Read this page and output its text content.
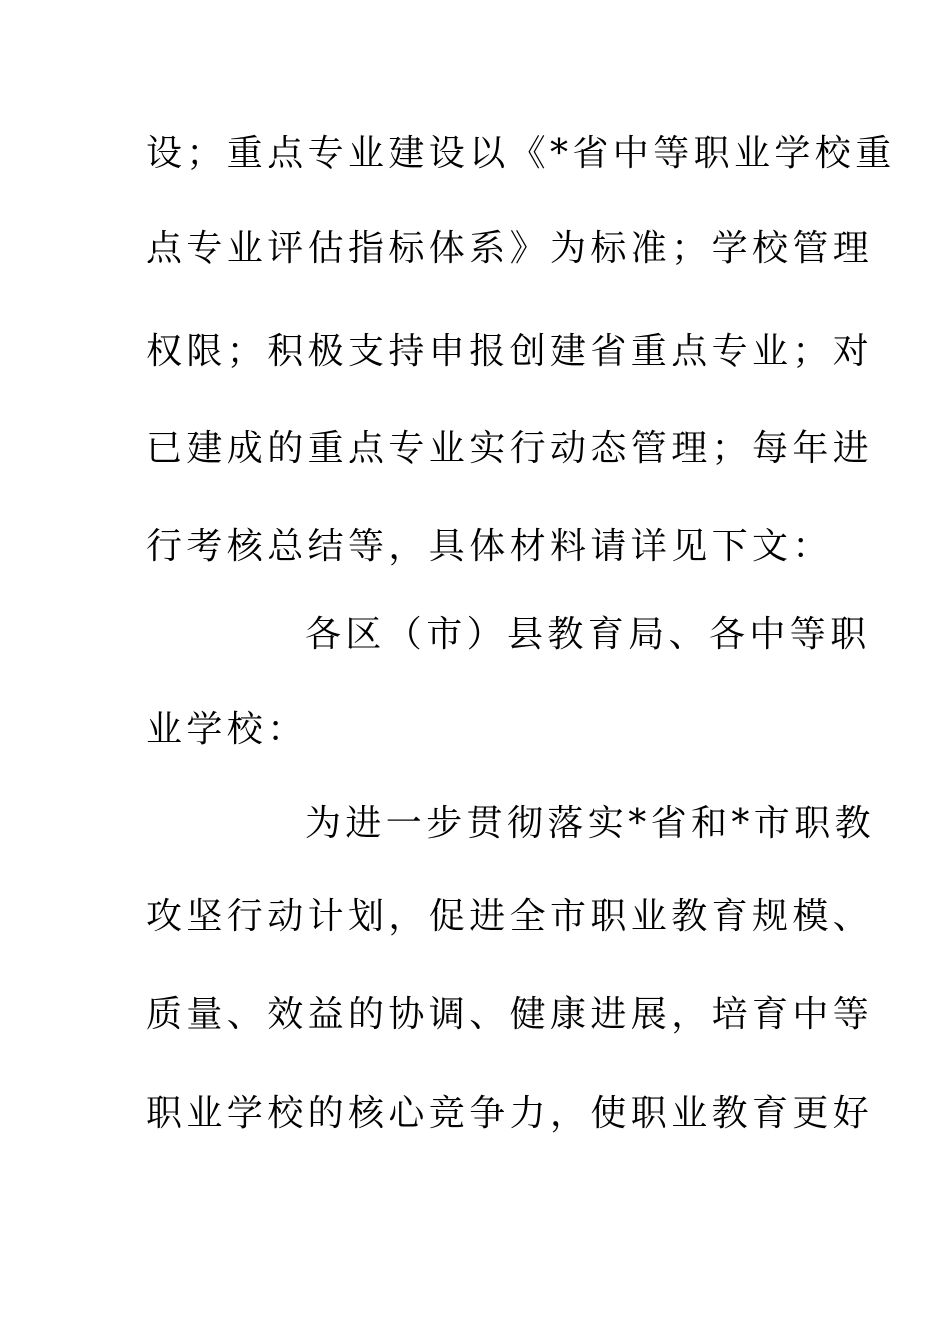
设；重点专业建设以《*省中等职业学校重
点专业评估指标体系》为标准；学校管理
权限；积极支持申报创建省重点专业；对
已建成的重点专业实行动态管理；每年进
行考核总结等，具体材料请详见下文：
各区（市）县教育局、各中等职
业学校：
为进一步贯彻落实*省和*市职教
攻坚行动计划，促进全市职业教育规模、
质量、效益的协调、健康进展，培育中等
职业学校的核心竞争力，使职业教育更好
